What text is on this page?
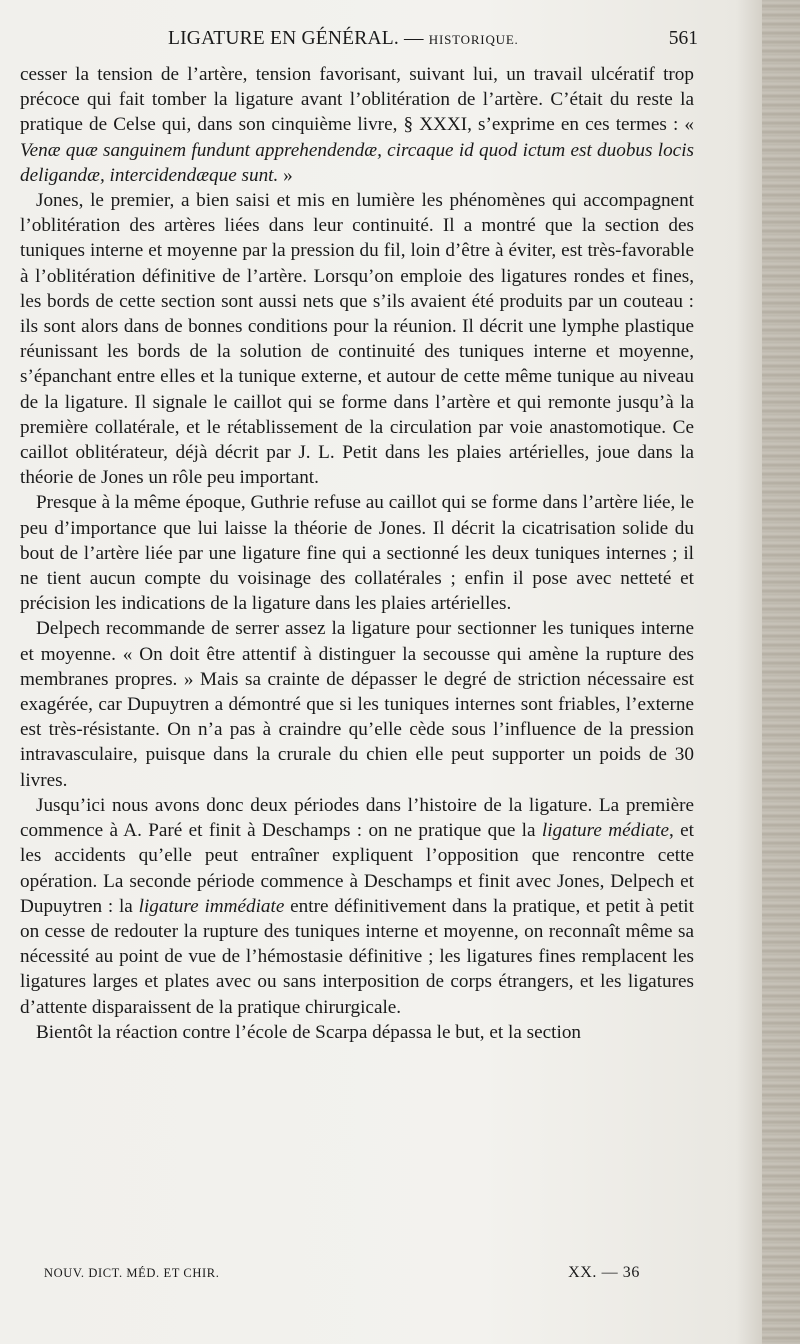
LIGATURE EN GÉNÉRAL. — HISTORIQUE.	561

cesser la tension de l’artère, tension favorisant, suivant lui, un travail ulcératif trop précoce qui fait tomber la ligature avant l’oblitération de l’artère. C’était du reste la pratique de Celse qui, dans son cinquième livre, § XXXI, s’exprime en ces termes : « Venæ quæ sanguinem fundunt apprehendendæ, circaque id quod ictum est duobus locis deligandæ, intercidendæque sunt. »

Jones, le premier, a bien saisi et mis en lumière les phénomènes qui accompagnent l’oblitération des artères liées dans leur continuité. Il a montré que la section des tuniques interne et moyenne par la pression du fil, loin d’être à éviter, est très-favorable à l’oblitération définitive de l’artère. Lorsqu’on emploie des ligatures rondes et fines, les bords de cette section sont aussi nets que s’ils avaient été produits par un couteau : ils sont alors dans de bonnes conditions pour la réunion. Il décrit une lymphe plastique réunissant les bords de la solution de continuité des tuniques interne et moyenne, s’épanchant entre elles et la tunique externe, et autour de cette même tunique au niveau de la ligature. Il signale le caillot qui se forme dans l’artère et qui remonte jusqu’à la première collatérale, et le rétablissement de la circulation par voie anastomotique. Ce caillot oblitérateur, déjà décrit par J. L. Petit dans les plaies artérielles, joue dans la théorie de Jones un rôle peu important.

Presque à la même époque, Guthrie refuse au caillot qui se forme dans l’artère liée, le peu d’importance que lui laisse la théorie de Jones. Il décrit la cicatrisation solide du bout de l’artère liée par une ligature fine qui a sectionné les deux tuniques internes ; il ne tient aucun compte du voisinage des collatérales ; enfin il pose avec netteté et précision les indications de la ligature dans les plaies artérielles.

Delpech recommande de serrer assez la ligature pour sectionner les tuniques interne et moyenne. « On doit être attentif à distinguer la secousse qui amène la rupture des membranes propres. » Mais sa crainte de dépasser le degré de striction nécessaire est exagérée, car Dupuytren a démontré que si les tuniques internes sont friables, l’externe est très-résistante. On n’a pas à craindre qu’elle cède sous l’influence de la pression intravasculaire, puisque dans la crurale du chien elle peut supporter un poids de 30 livres.

Jusqu’ici nous avons donc deux périodes dans l’histoire de la ligature. La première commence à A. Paré et finit à Deschamps : on ne pratique que la ligature médiate, et les accidents qu’elle peut entraîner expliquent l’opposition que rencontre cette opération. La seconde période commence à Deschamps et finit avec Jones, Delpech et Dupuytren : la ligature immédiate entre définitivement dans la pratique, et petit à petit on cesse de redouter la rupture des tuniques interne et moyenne, on reconnaît même sa nécessité au point de vue de l’hémostasie définitive ; les ligatures fines remplacent les ligatures larges et plates avec ou sans interposition de corps étrangers, et les ligatures d’attente disparaissent de la pratique chirurgicale.

Bientôt la réaction contre l’école de Scarpa dépassa le but, et la section

NOUV. DICT. MÉD. ET CHIR.	XX. — 36
